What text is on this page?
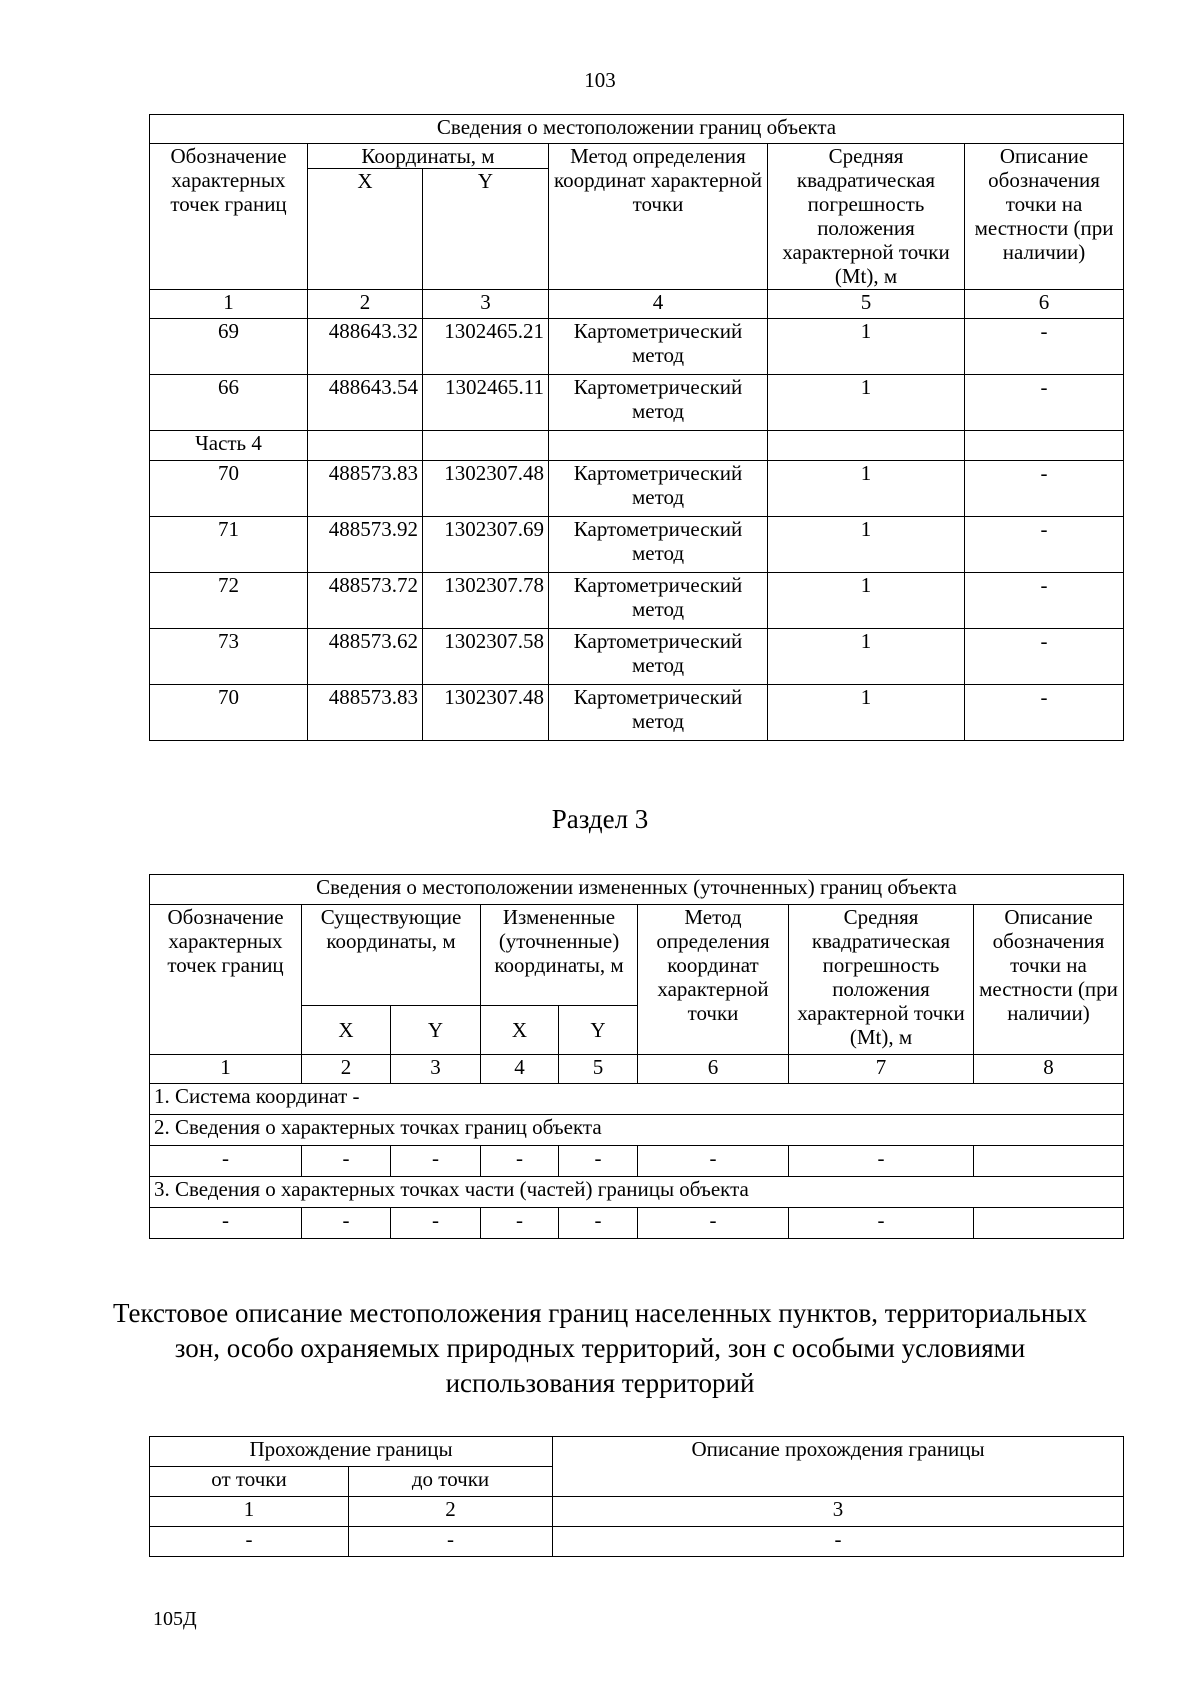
103
Сведения о местоположении границ объекта					
Обозначение характерных точек границ	Координаты, м		Метод определения координат характерной точки	Средняя квадратическая погрешность положения характерной точки (Mt), м	Описание обозначения точки на местности (при наличии)
	X	Y			
1	2	3	4	5	6
69	488643.32	1302465.21	Картометрический метод	1	-
66	488643.54	1302465.11	Картометрический метод	1	-
Часть 4					
70	488573.83	1302307.48	Картометрический метод	1	-
71	488573.92	1302307.69	Картометрический метод	1	-
72	488573.72	1302307.78	Картометрический метод	1	-
73	488573.62	1302307.58	Картометрический метод	1	-
70	488573.83	1302307.48	Картометрический метод	1	-
Раздел 3
Сведения о местоположении измененных (уточненных) границ объекта							
Обозначение характерных точек границ	Существующие координаты, м		Измененные (уточненные) координаты, м		Метод определения координат характерной точки	Средняя квадратическая погрешность положения характерной точки (Mt), м	Описание обозначения точки на местности (при наличии)
	X	Y	X	Y			
1	2	3	4	5	6	7	8
1. Система координат -							
2. Сведения о характерных точках границ объекта							
-	-	-	-	-	-	-	
3. Сведения о характерных точках части (частей) границы объекта							
-	-	-	-	-	-	-	
Текстовое описание местоположения границ населенных пунктов, территориальных зон, особо охраняемых природных территорий, зон с особыми условиями использования территорий
Прохождение границы		Описание прохождения границы
от точки	до точки	
1	2	3
-	-	-
105Д
